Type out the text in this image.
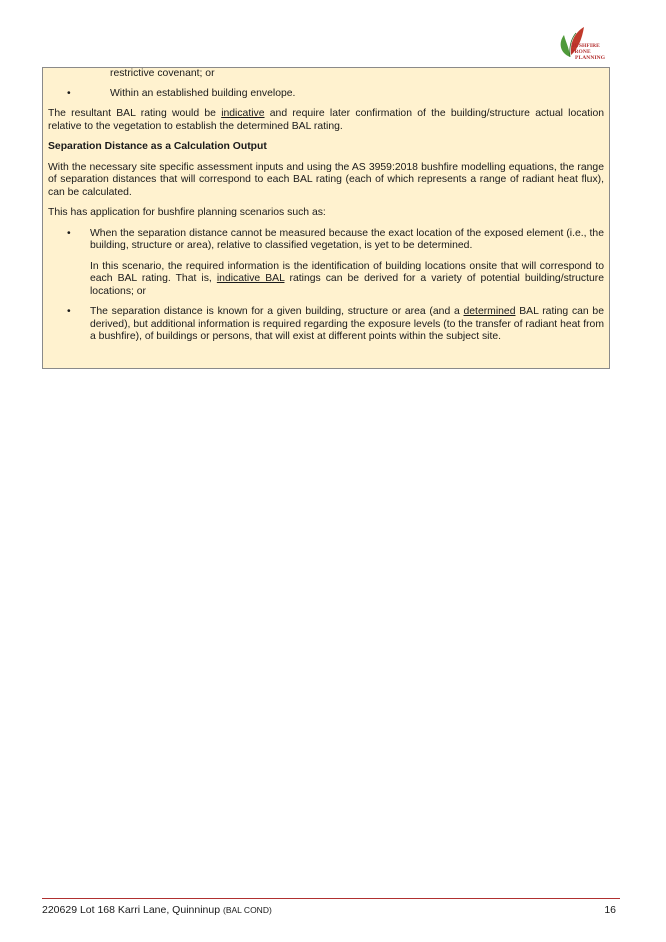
BUSHFIRE PRONE
PLANNING

restrictive covenant; or

•	Within an established building envelope.

The resultant BAL rating would be indicative and require later confirmation of the building/structure actual location relative to the vegetation to establish the determined BAL rating.

Separation Distance as a Calculation Output

With the necessary site specific assessment inputs and using the AS 3959:2018 bushfire modelling equations, the range of separation distances that will correspond to each BAL rating (each of which represents a range of radiant heat flux), can be calculated.

This has application for bushfire planning scenarios such as:

• When the separation distance cannot be measured because the exact location of the exposed element (i.e., the building, structure or area), relative to classified vegetation, is yet to be determined.

In this scenario, the required information is the identification of building locations onsite that will correspond to each BAL rating. That is, indicative BAL ratings can be derived for a variety of potential building/structure locations; or

• The separation distance is known for a given building, structure or area (and a determined BAL rating can be derived), but additional information is required regarding the exposure levels (to the transfer of radiant heat from a bushfire), of buildings or persons, that will exist at different points within the subject site.

220629 Lot 168 Karri Lane, Quinninup (BAL COND)	16
